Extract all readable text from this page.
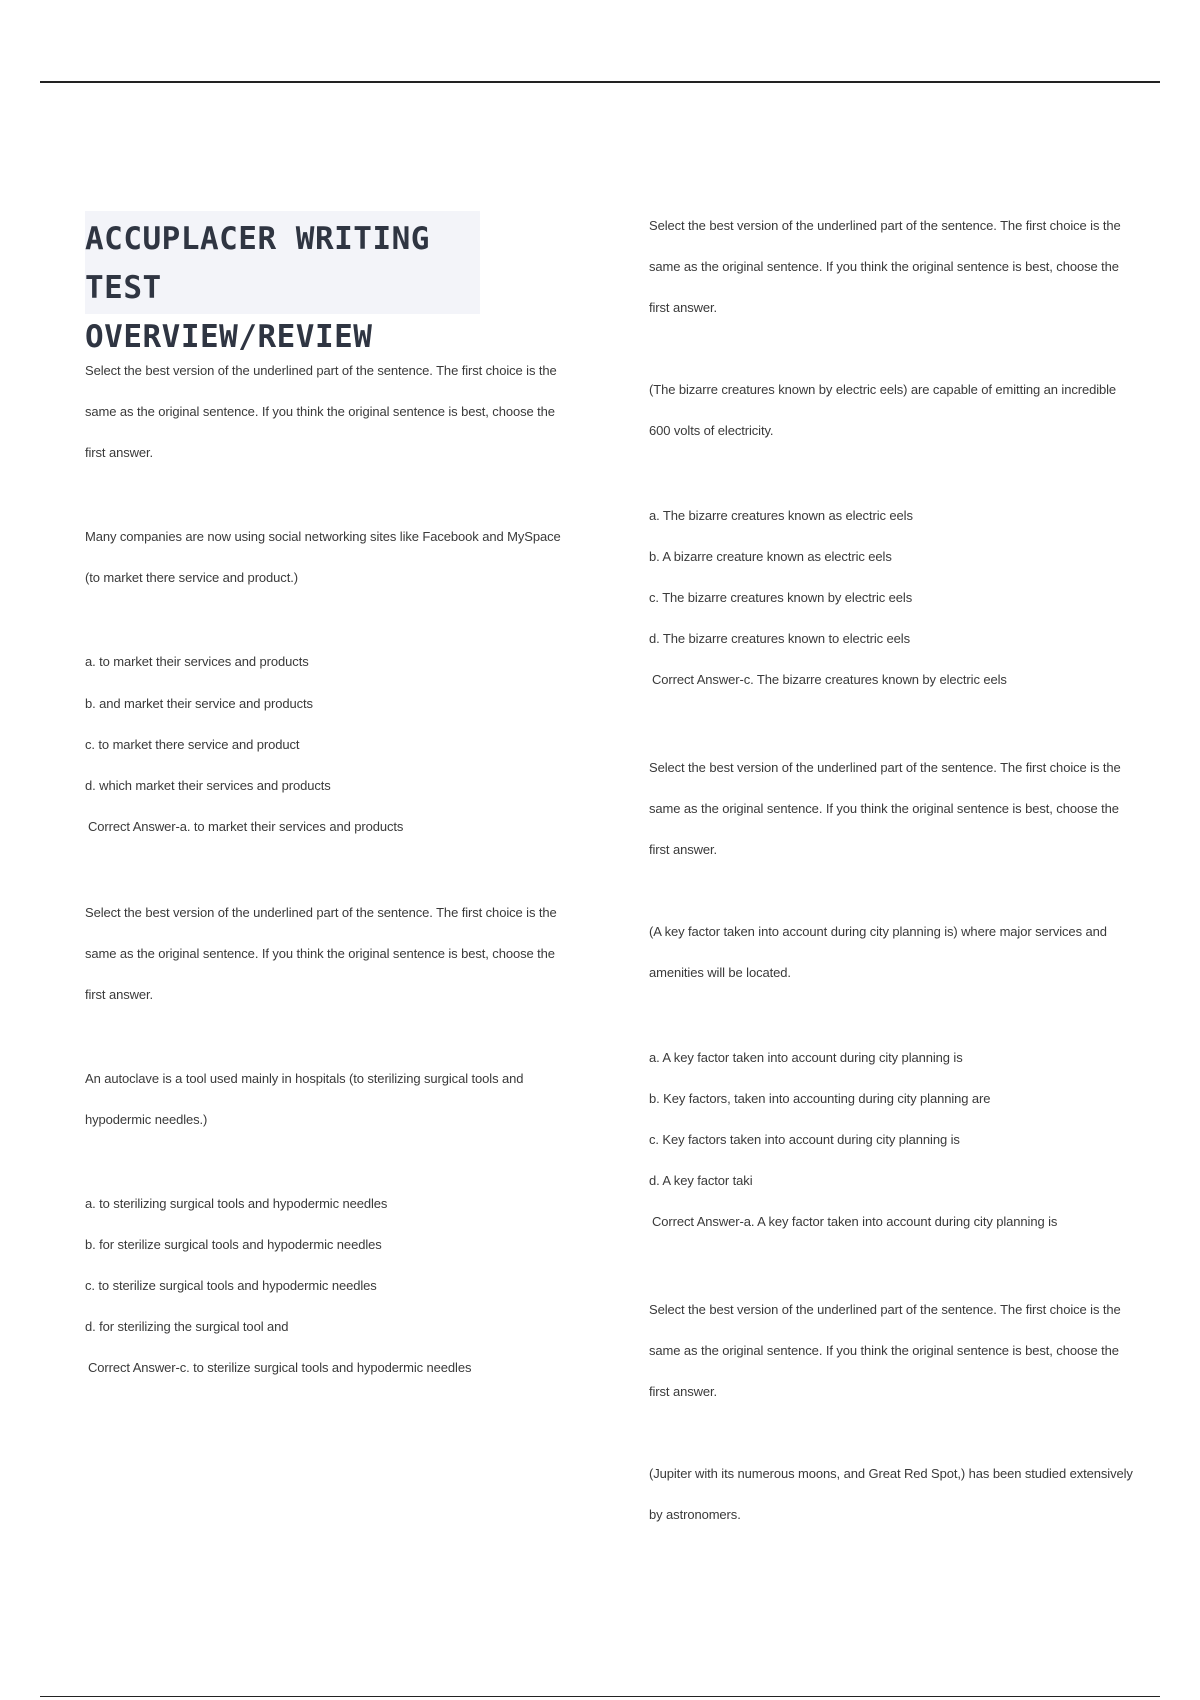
ACCUPLACER WRITING TEST
OVERVIEW/REVIEW
Select the best version of the underlined part of the sentence. The first choice is the
same as the original sentence. If you think the original sentence is best, choose the
first answer.
Many companies are now using social networking sites like Facebook and MySpace
(to market there service and product.)
a. to market their services and products
b. and market their service and products
c. to market there service and product
d. which market their services and products
Correct Answer-a. to market their services and products
Select the best version of the underlined part of the sentence. The first choice is the
same as the original sentence. If you think the original sentence is best, choose the
first answer.
An autoclave is a tool used mainly in hospitals (to sterilizing surgical tools and
hypodermic needles.)
a. to sterilizing surgical tools and hypodermic needles
b. for sterilize surgical tools and hypodermic needles
c. to sterilize surgical tools and hypodermic needles
d. for sterilizing the surgical tool and
Correct Answer-c. to sterilize surgical tools and hypodermic needles
Select the best version of the underlined part of the sentence. The first choice is the
same as the original sentence. If you think the original sentence is best, choose the
first answer.
(The bizarre creatures known by electric eels) are capable of emitting an incredible
600 volts of electricity.
a. The bizarre creatures known as electric eels
b. A bizarre creature known as electric eels
c. The bizarre creatures known by electric eels
d. The bizarre creatures known to electric eels
Correct Answer-c. The bizarre creatures known by electric eels
Select the best version of the underlined part of the sentence. The first choice is the
same as the original sentence. If you think the original sentence is best, choose the
first answer.
(A key factor taken into account during city planning is) where major services and
amenities will be located.
a. A key factor taken into account during city planning is
b. Key factors, taken into accounting during city planning are
c. Key factors taken into account during city planning is
d. A key factor taki
Correct Answer-a. A key factor taken into account during city planning is
Select the best version of the underlined part of the sentence. The first choice is the
same as the original sentence. If you think the original sentence is best, choose the
first answer.
(Jupiter with its numerous moons, and Great Red Spot,) has been studied extensively
by astronomers.
